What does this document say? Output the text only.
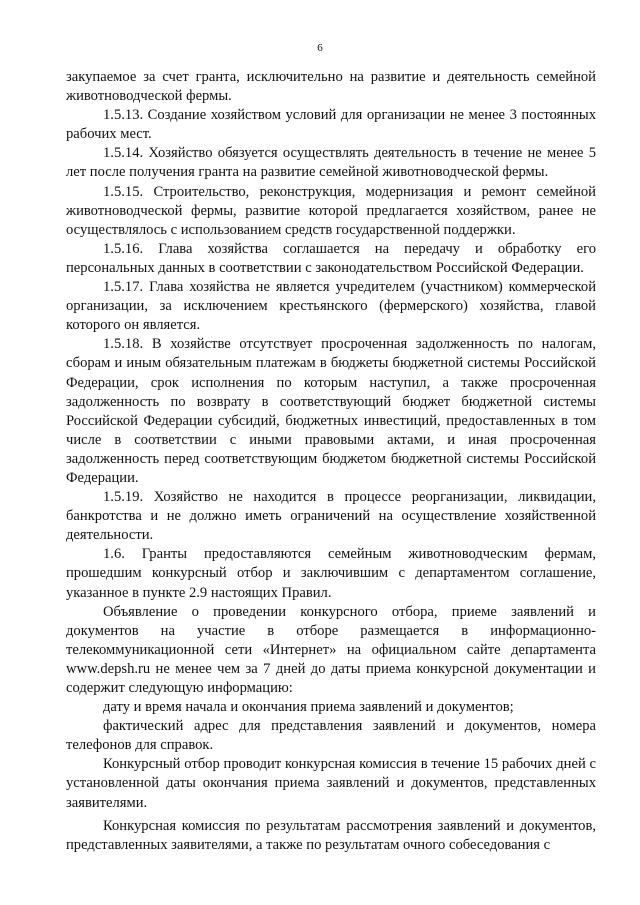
6

закупаемое за счет гранта, исключительно на развитие и деятельность семейной животноводческой фермы.

1.5.13. Создание хозяйством условий для организации не менее 3 постоянных рабочих мест.

1.5.14. Хозяйство обязуется осуществлять деятельность в течение не менее 5 лет после получения гранта на развитие семейной животноводческой фермы.

1.5.15. Строительство, реконструкция, модернизация и ремонт семейной животноводческой фермы, развитие которой предлагается хозяйством, ранее не осуществлялось с использованием средств государственной поддержки.

1.5.16. Глава хозяйства соглашается на передачу и обработку его персональных данных в соответствии с законодательством Российской Федерации.

1.5.17. Глава хозяйства не является учредителем (участником) коммерческой организации, за исключением крестьянского (фермерского) хозяйства, главой которого он является.

1.5.18. В хозяйстве отсутствует просроченная задолженность по налогам, сборам и иным обязательным платежам в бюджеты бюджетной системы Российской Федерации, срок исполнения по которым наступил, а также просроченная задолженность по возврату в соответствующий бюджет бюджетной системы Российской Федерации субсидий, бюджетных инвестиций, предоставленных в том числе в соответствии с иными правовыми актами, и иная просроченная задолженность перед соответствующим бюджетом бюджетной системы Российской Федерации.

1.5.19. Хозяйство не находится в процессе реорганизации, ликвидации, банкротства и не должно иметь ограничений на осуществление хозяйственной деятельности.

1.6. Гранты предоставляются семейным животноводческим фермам, прошедшим конкурсный отбор и заключившим с департаментом соглашение, указанное в пункте 2.9 настоящих Правил.

Объявление о проведении конкурсного отбора, приеме заявлений и документов на участие в отборе размещается в информационно-телекоммуникационной сети «Интернет» на официальном сайте департамента www.depsh.ru не менее чем за 7 дней до даты приема конкурсной документации и содержит следующую информацию:

дату и время начала и окончания приема заявлений и документов;

фактический адрес для представления заявлений и документов, номера телефонов для справок.

Конкурсный отбор проводит конкурсная комиссия в течение 15 рабочих дней с установленной даты окончания приема заявлений и документов, представленных заявителями.

Конкурсная комиссия по результатам рассмотрения заявлений и документов, представленных заявителями, а также по результатам очного собеседования с
